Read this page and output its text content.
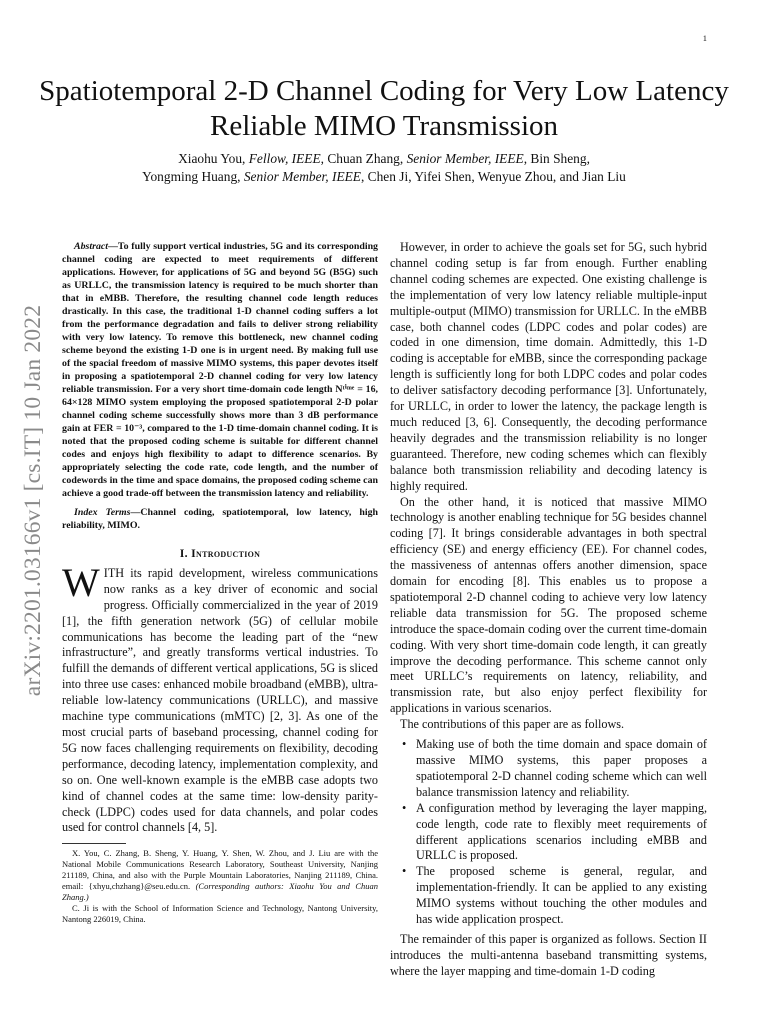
1
arXiv:2201.03166v1 [cs.IT] 10 Jan 2022
Spatiotemporal 2-D Channel Coding for Very Low Latency Reliable MIMO Transmission
Xiaohu You, Fellow, IEEE, Chuan Zhang, Senior Member, IEEE, Bin Sheng,
Yongming Huang, Senior Member, IEEE, Chen Ji, Yifei Shen, Wenyue Zhou, and Jian Liu

Abstract—To fully support vertical industries, 5G and its corresponding channel coding are expected to meet requirements of different applications. However, for applications of 5G and beyond 5G (B5G) such as URLLC, the transmission latency is required to be much shorter than that in eMBB. Therefore, the resulting channel code length reduces drastically. In this case, the traditional 1-D channel coding suffers a lot from the performance degradation and fails to deliver strong reliability with very low latency. To remove this bottleneck, new channel coding scheme beyond the existing 1-D one is in urgent need. By making full use of the spacial freedom of massive MIMO systems, this paper devotes itself in proposing a spatiotemporal 2-D channel coding for very low latency reliable transmission. For a very short time-domain code length Nᵗⁱᵐᵉ = 16, 64×128 MIMO system employing the proposed spatiotemporal 2-D polar channel coding scheme successfully shows more than 3 dB performance gain at FER = 10⁻³, compared to the 1-D time-domain channel coding. It is noted that the proposed coding scheme is suitable for different channel codes and enjoys high flexibility to adapt to difference scenarios. By appropriately selecting the code rate, code length, and the number of codewords in the time and space domains, the proposed coding scheme can achieve a good trade-off between the transmission latency and reliability.

Index Terms—Channel coding, spatiotemporal, low latency, high reliability, MIMO.

I. Introduction

WITH its rapid development, wireless communications now ranks as a key driver of economic and social progress. Officially commercialized in the year of 2019 [1], the fifth generation network (5G) of cellular mobile communications has become the leading part of the “new infrastructure”, and greatly transforms vertical industries. To fulfill the demands of different vertical applications, 5G is sliced into three use cases: enhanced mobile broadband (eMBB), ultra-reliable low-latency communications (URLLC), and massive machine type communications (mMTC) [2, 3]. As one of the most crucial parts of baseband processing, channel coding for 5G now faces challenging requirements on flexibility, decoding performance, decoding latency, implementation complexity, and so on. One well-known example is the eMBB case adopts two kind of channel codes at the same time: low-density parity-check (LDPC) codes used for data channels, and polar codes used for control channels [4, 5].

X. You, C. Zhang, B. Sheng, Y. Huang, Y. Shen, W. Zhou, and J. Liu are with the National Mobile Communications Research Laboratory, Southeast University, Nanjing 211189, China, and also with the Purple Mountain Laboratories, Nanjing 211189, China. email: {xhyu,chzhang}@seu.edu.cn. (Corresponding authors: Xiaohu You and Chuan Zhang.)

C. Ji is with the School of Information Science and Technology, Nantong University, Nantong 226019, China.

However, in order to achieve the goals set for 5G, such hybrid channel coding setup is far from enough. Further enabling channel coding schemes are expected. One existing challenge is the implementation of very low latency reliable multiple-input multiple-output (MIMO) transmission for URLLC. In the eMBB case, both channel codes (LDPC codes and polar codes) are coded in one dimension, time domain. Admittedly, this 1-D coding is acceptable for eMBB, since the corresponding package length is sufficiently long for both LDPC codes and polar codes to deliver satisfactory decoding performance [3]. Unfortunately, for URLLC, in order to lower the latency, the package length is much reduced [3, 6]. Consequently, the decoding performance heavily degrades and the transmission reliability is no longer guaranteed. Therefore, new coding schemes which can flexibly balance both transmission reliability and decoding latency is highly required.

On the other hand, it is noticed that massive MIMO technology is another enabling technique for 5G besides channel coding [7]. It brings considerable advantages in both spectral efficiency (SE) and energy efficiency (EE). For channel codes, the massiveness of antennas offers another dimension, space domain for encoding [8]. This enables us to propose a spatiotemporal 2-D channel coding to achieve very low latency reliable data transmission for 5G. The proposed scheme introduce the space-domain coding over the current time-domain coding. With very short time-domain code length, it can greatly improve the decoding performance. This scheme cannot only meet URLLC’s requirements on latency, reliability, and transmission rate, but also enjoy perfect flexibility for applications in various scenarios.

The contributions of this paper are as follows.

• Making use of both the time domain and space domain of massive MIMO systems, this paper proposes a spatiotemporal 2-D channel coding scheme which can well balance transmission latency and reliability.
• A configuration method by leveraging the layer mapping, code length, code rate to flexibly meet requirements of different applications scenarios including eMBB and URLLC is proposed.
• The proposed scheme is general, regular, and implementation-friendly. It can be applied to any existing MIMO systems without touching the other modules and has wide application prospect.

The remainder of this paper is organized as follows. Section II introduces the multi-antenna baseband transmitting systems, where the layer mapping and time-domain 1-D coding
